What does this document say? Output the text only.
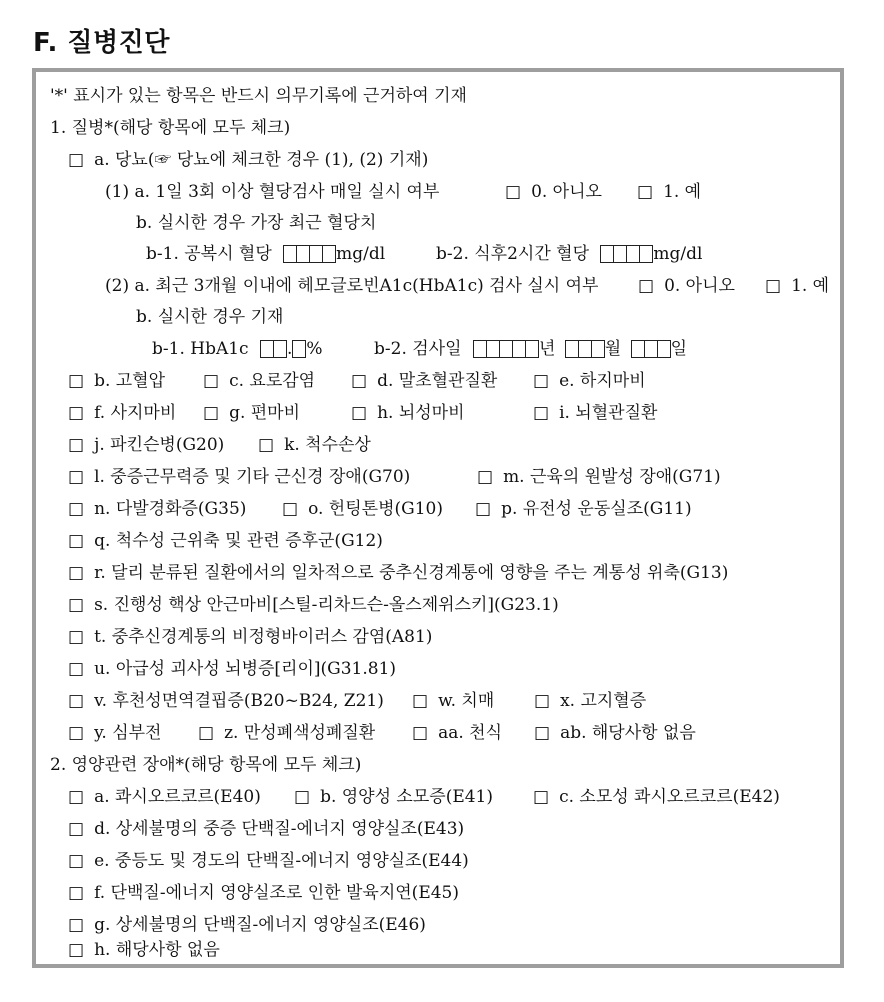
F. 질병진단
'*' 표시가 있는 항목은 반드시 의무기록에 근거하여 기재
1. 질병*(해당 항목에 모두 체크)
□ a. 당뇨(☞ 당뇨에 체크한 경우 (1), (2) 기재)
(1) a. 1일 3회 이상 혈당검사 매일 실시 여부	□ 0. 아니오 □ 1. 예
b. 실시한 경우 가장 최근 혈당치
b-1. 공복시 혈당	mg/dl	b-2. 식후2시간 혈당	mg/dl
(2) a. 최근 3개월 이내에 헤모글로빈A1c(HbA1c) 검사 실시 여부 □ 0. 아니오 □ 1. 예
b. 실시한 경우 기재
b-1. HbA1c . %	b-2. 검사일	년	월	일
□ b. 고혈압 □ c. 요로감염 □ d. 말초혈관질환 □ e. 하지마비
□ f. 사지마비 □ g. 편마비	□ h. 뇌성마비	□ i. 뇌혈관질환
□ j. 파킨슨병(G20) □ k. 척수손상
□ l. 중증근무력증 및 기타 근신경 장애(G70)	□ m. 근육의 원발성 장애(G71)
□ n. 다발경화증(G35) □ o. 헌팅톤병(G10) □ p. 유전성 운동실조(G11)
□ q. 척수성 근위축 및 관련 증후군(G12)
□ r. 달리 분류된 질환에서의 일차적으로 중추신경계통에 영향을 주는 계통성 위축(G13)
□ s. 진행성 핵상 안근마비[스틸-리차드슨-올스제위스키](G23.1)
□ t. 중추신경계통의 비정형바이러스 감염(A81)
□ u. 아급성 괴사성 뇌병증[리이](G31.81)
□ v. 후천성면역결핍증(B20~B24, Z21) □ w. 치매 □ x. 고지혈증
□ y. 심부전 □ z. 만성폐색성폐질환 □ aa. 천식 □ ab. 해당사항 없음
2. 영양관련 장애*(해당 항목에 모두 체크)
□ a. 콰시오르코르(E40) □ b. 영양성 소모증(E41) □ c. 소모성 콰시오르코르(E42)
□ d. 상세불명의 중증 단백질-에너지 영양실조(E43)
□ e. 중등도 및 경도의 단백질-에너지 영양실조(E44)
□ f. 단백질-에너지 영양실조로 인한 발육지연(E45)
□ g. 상세불명의 단백질-에너지 영양실조(E46)
□ h. 해당사항 없음
